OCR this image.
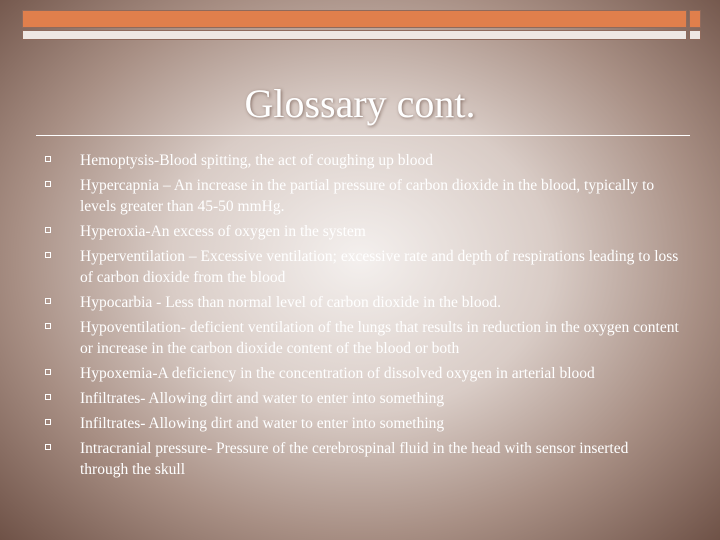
Glossary cont.
Hemoptysis-Blood spitting, the act of coughing up blood
Hypercapnia – An increase in the partial pressure of carbon dioxide in the blood, typically to levels greater than 45-50 mmHg.
Hyperoxia-An excess of oxygen in the system
Hyperventilation – Excessive ventilation; excessive rate and depth of respirations leading to loss of carbon dioxide from the blood
Hypocarbia - Less than normal level of carbon dioxide in the blood.
Hypoventilation- deficient ventilation of the lungs that results in reduction in the oxygen content or increase in the carbon dioxide content of the blood or both
Hypoxemia-A deficiency in the concentration of dissolved oxygen in arterial blood
Infiltrates- Allowing dirt and water to enter into something
Infiltrates- Allowing dirt and water to enter into something
Intracranial pressure- Pressure of the cerebrospinal fluid in the head with sensor inserted through the skull
